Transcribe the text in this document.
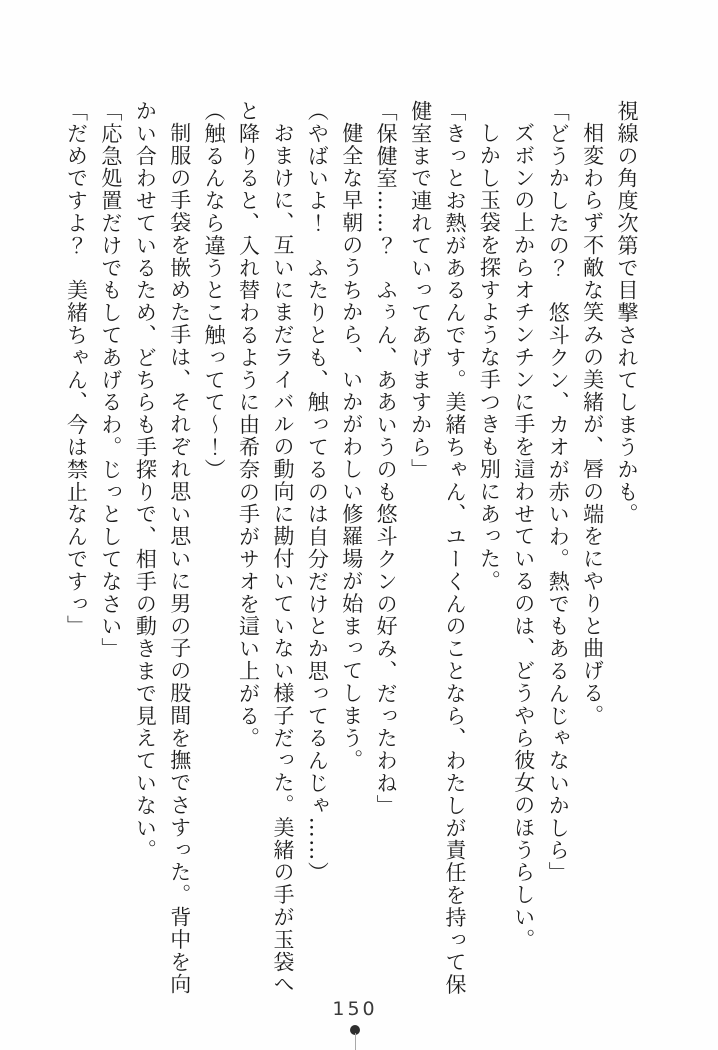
視線の角度次第で目撃されてしまうかも。

相変わらず不敵な笑みの美緒が、唇の端をにやりと曲げる。

「どうかしたの？　悠斗クン、カオが赤いわ。熱でもあるんじゃないかしら」

ズボンの上からオチンチンに手を這わせているのは、どうやら彼女のほうらしい。

しかし玉袋を探すような手つきも別にあった。

「きっとお熱があるんです。美緒ちゃん、ユーくんのことなら、わたしが責任を持って保

健室まで連れていってあげますから」

「保健室……？　ふぅん、ああいうのも悠斗クンの好み、だったわね」

健全な早朝のうちから、いかがわしい修羅場が始まってしまう。

（やばいよ！　ふたりとも、触ってるのは自分だけとか思ってるんじゃ……）

おまけに、互いにまだライバルの動向に勘付いていない様子だった。美緒の手が玉袋へ

と降りると、入れ替わるように由希奈の手がサオを這い上がる。

（触るんなら違うとこ触ってて〜！）

制服の手袋を嵌めた手は、それぞれ思い思いに男の子の股間を撫でさすった。背中を向

かい合わせているため、どちらも手探りで、相手の動きまで見えていない。

「応急処置だけでもしてあげるわ。じっとしてなさい」

「だめですよ？　美緒ちゃん、今は禁止なんですっ」

150
